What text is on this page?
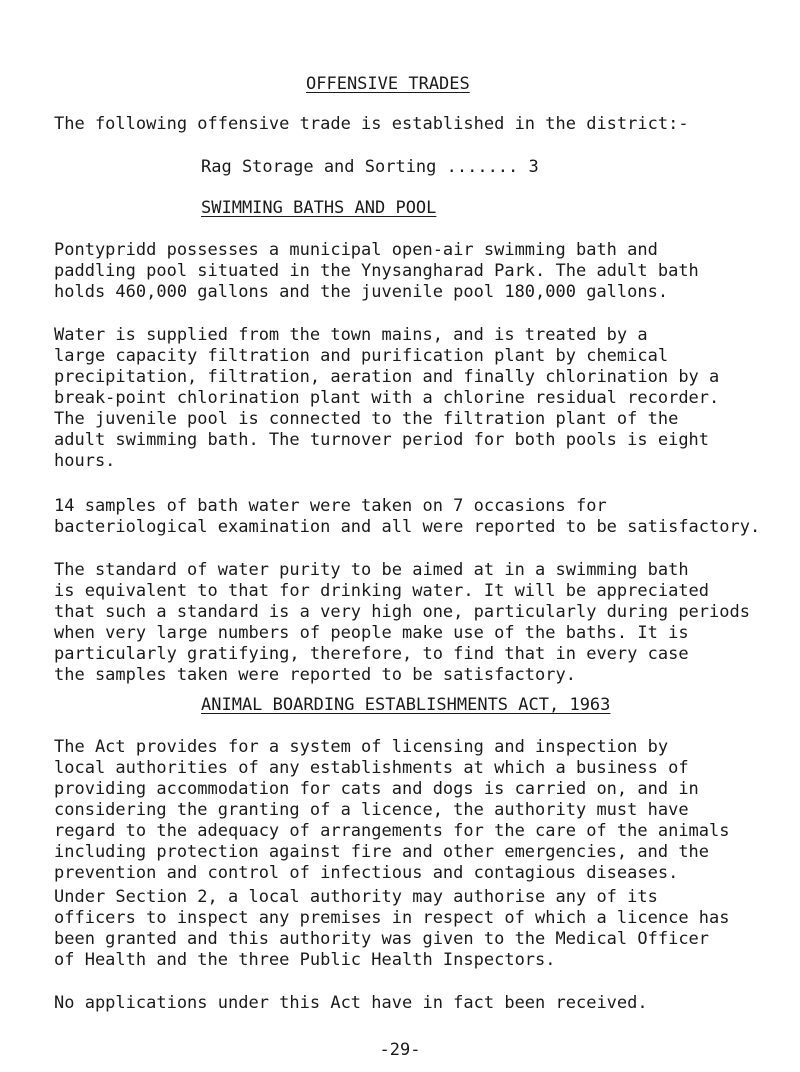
OFFENSIVE TRADES
The following offensive trade is established in the district:-
Rag Storage and Sorting ....... 3
SWIMMING BATHS AND POOL
Pontypridd possesses a municipal open-air swimming bath and
paddling pool situated in the Ynysangharad Park. The adult bath
holds 460,000 gallons and the juvenile pool 180,000 gallons.
Water is supplied from the town mains, and is treated by a
large capacity filtration and purification plant by chemical
precipitation, filtration, aeration and finally chlorination by a
break-point chlorination plant with a chlorine residual recorder.
The juvenile pool is connected to the filtration plant of the
adult swimming bath. The turnover period for both pools is eight
hours.
14 samples of bath water were taken on 7 occasions for
bacteriological examination and all were reported to be satisfactory.
The standard of water purity to be aimed at in a swimming bath
is equivalent to that for drinking water. It will be appreciated
that such a standard is a very high one, particularly during periods
when very large numbers of people make use of the baths. It is
particularly gratifying, therefore, to find that in every case
the samples taken were reported to be satisfactory.
ANIMAL BOARDING ESTABLISHMENTS ACT, 1963
The Act provides for a system of licensing and inspection by
local authorities of any establishments at which a business of
providing accommodation for cats and dogs is carried on, and in
considering the granting of a licence, the authority must have
regard to the adequacy of arrangements for the care of the animals
including protection against fire and other emergencies, and the
prevention and control of infectious and contagious diseases.
Under Section 2, a local authority may authorise any of its
officers to inspect any premises in respect of which a licence has
been granted and this authority was given to the Medical Officer
of Health and the three Public Health Inspectors.
No applications under this Act have in fact been received.
-29-
